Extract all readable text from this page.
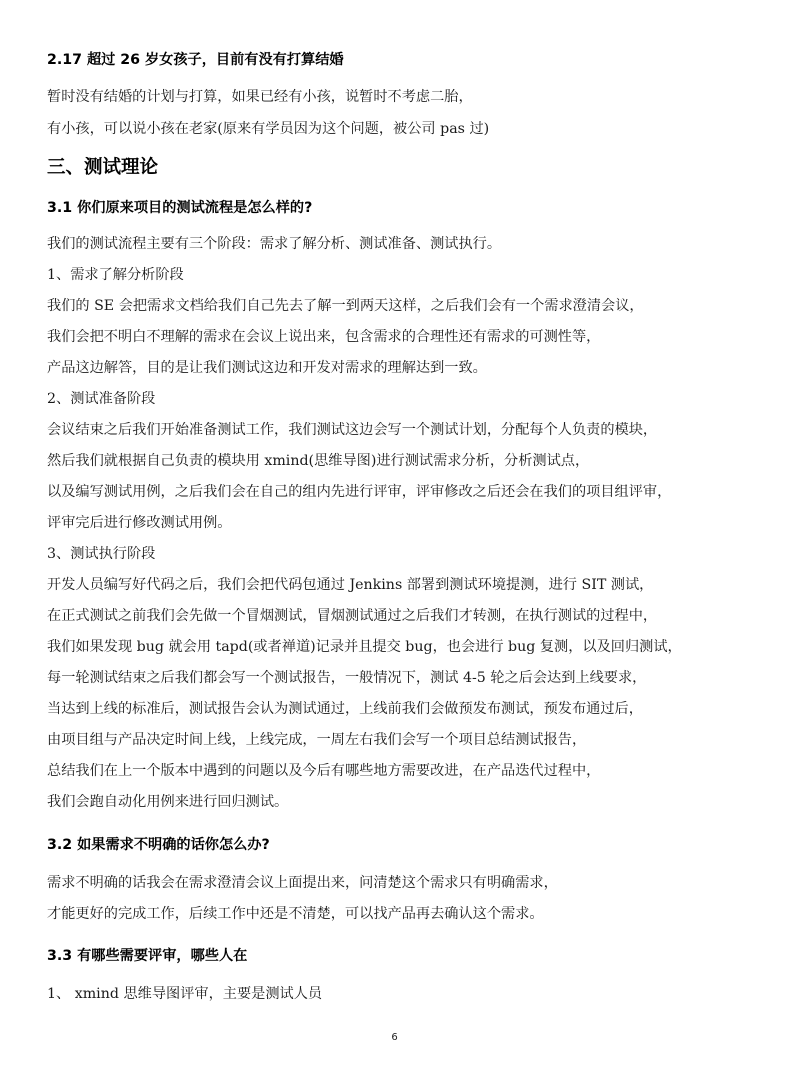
2.17 超过 26 岁女孩子，目前有没有打算结婚
暂时没有结婚的计划与打算，如果已经有小孩，说暂时不考虑二胎，
有小孩，可以说小孩在老家(原来有学员因为这个问题，被公司 pas 过)
三、测试理论
3.1 你们原来项目的测试流程是怎么样的?
我们的测试流程主要有三个阶段：需求了解分析、测试准备、测试执行。
1、需求了解分析阶段
我们的 SE 会把需求文档给我们自己先去了解一到两天这样，之后我们会有一个需求澄清会议，
我们会把不明白不理解的需求在会议上说出来，包含需求的合理性还有需求的可测性等，
产品这边解答，目的是让我们测试这边和开发对需求的理解达到一致。
2、测试准备阶段
会议结束之后我们开始准备测试工作，我们测试这边会写一个测试计划，分配每个人负责的模块，
然后我们就根据自己负责的模块用 xmind(思维导图)进行测试需求分析，分析测试点，
以及编写测试用例，之后我们会在自己的组内先进行评审，评审修改之后还会在我们的项目组评审，
评审完后进行修改测试用例。
3、测试执行阶段
开发人员编写好代码之后，我们会把代码包通过 Jenkins 部署到测试环境提测，进行 SIT 测试，
在正式测试之前我们会先做一个冒烟测试，冒烟测试通过之后我们才转测，在执行测试的过程中，
我们如果发现 bug 就会用 tapd(或者禅道)记录并且提交 bug，也会进行 bug 复测，以及回归测试，
每一轮测试结束之后我们都会写一个测试报告，一般情况下，测试 4-5 轮之后会达到上线要求，
当达到上线的标准后，测试报告会认为测试通过，上线前我们会做预发布测试，预发布通过后，
由项目组与产品决定时间上线，上线完成，一周左右我们会写一个项目总结测试报告，
总结我们在上一个版本中遇到的问题以及今后有哪些地方需要改进，在产品迭代过程中，
我们会跑自动化用例来进行回归测试。
3.2 如果需求不明确的话你怎么办?
需求不明确的话我会在需求澄清会议上面提出来，问清楚这个需求只有明确需求，
才能更好的完成工作，后续工作中还是不清楚，可以找产品再去确认这个需求。
3.3 有哪些需要评审，哪些人在
1、 xmind 思维导图评审，主要是测试人员
6
